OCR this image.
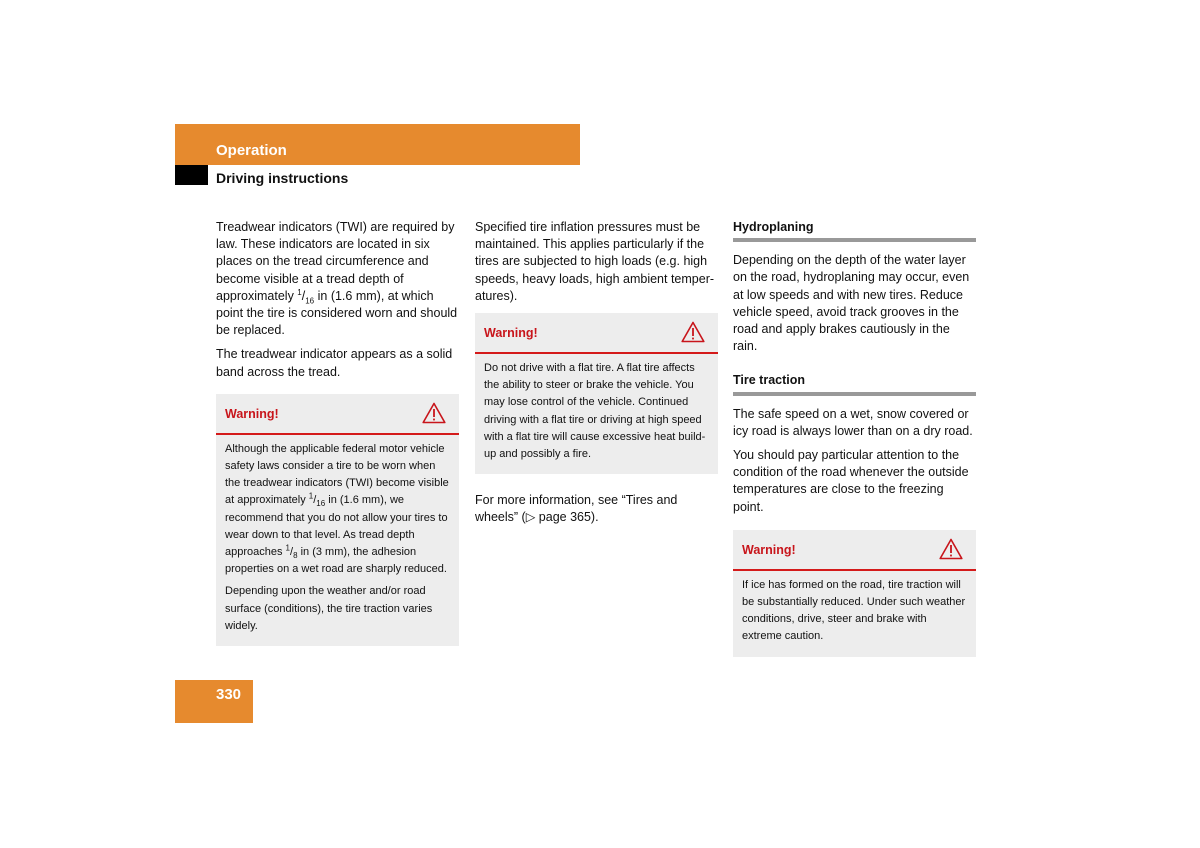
Operation
Driving instructions

Treadwear indicators (TWI) are required by law. These indicators are located in six places on the tread circumference and become visible at a tread depth of approximately $^1/_{16}$ in (1.6 mm), at which point the tire is considered worn and should be replaced.

The treadwear indicator appears as a solid band across the tread.

Warning!

Although the applicable federal motor vehicle safety laws consider a tire to be worn when the treadwear indicators (TWI) become visible at approximately $^1/_{16}$ in (1.6 mm), we recommend that you do not allow your tires to wear down to that level. As tread depth approaches $^1/_8$ in (3 mm), the adhesion properties on a wet road are sharply reduced.

Depending upon the weather and/or road surface (conditions), the tire traction varies widely.

Specified tire inflation pressures must be maintained. This applies particularly if the tires are subjected to high loads (e.g. high speeds, heavy loads, high ambient temper-atures).

Warning!

Do not drive with a flat tire. A flat tire affects the ability to steer or brake the vehicle. You may lose control of the vehicle. Continued driving with a flat tire or driving at high speed with a flat tire will cause excessive heat build-up and possibly a fire.

For more information, see “Tires and wheels” (▷ page 365).

Hydroplaning

Depending on the depth of the water layer on the road, hydroplaning may occur, even at low speeds and with new tires. Reduce vehicle speed, avoid track grooves in the road and apply brakes cautiously in the rain.

Tire traction

The safe speed on a wet, snow covered or icy road is always lower than on a dry road.

You should pay particular attention to the condition of the road whenever the outside temperatures are close to the freezing point.

Warning!

If ice has formed on the road, tire traction will be substantially reduced. Under such weather conditions, drive, steer and brake with extreme caution.

330
